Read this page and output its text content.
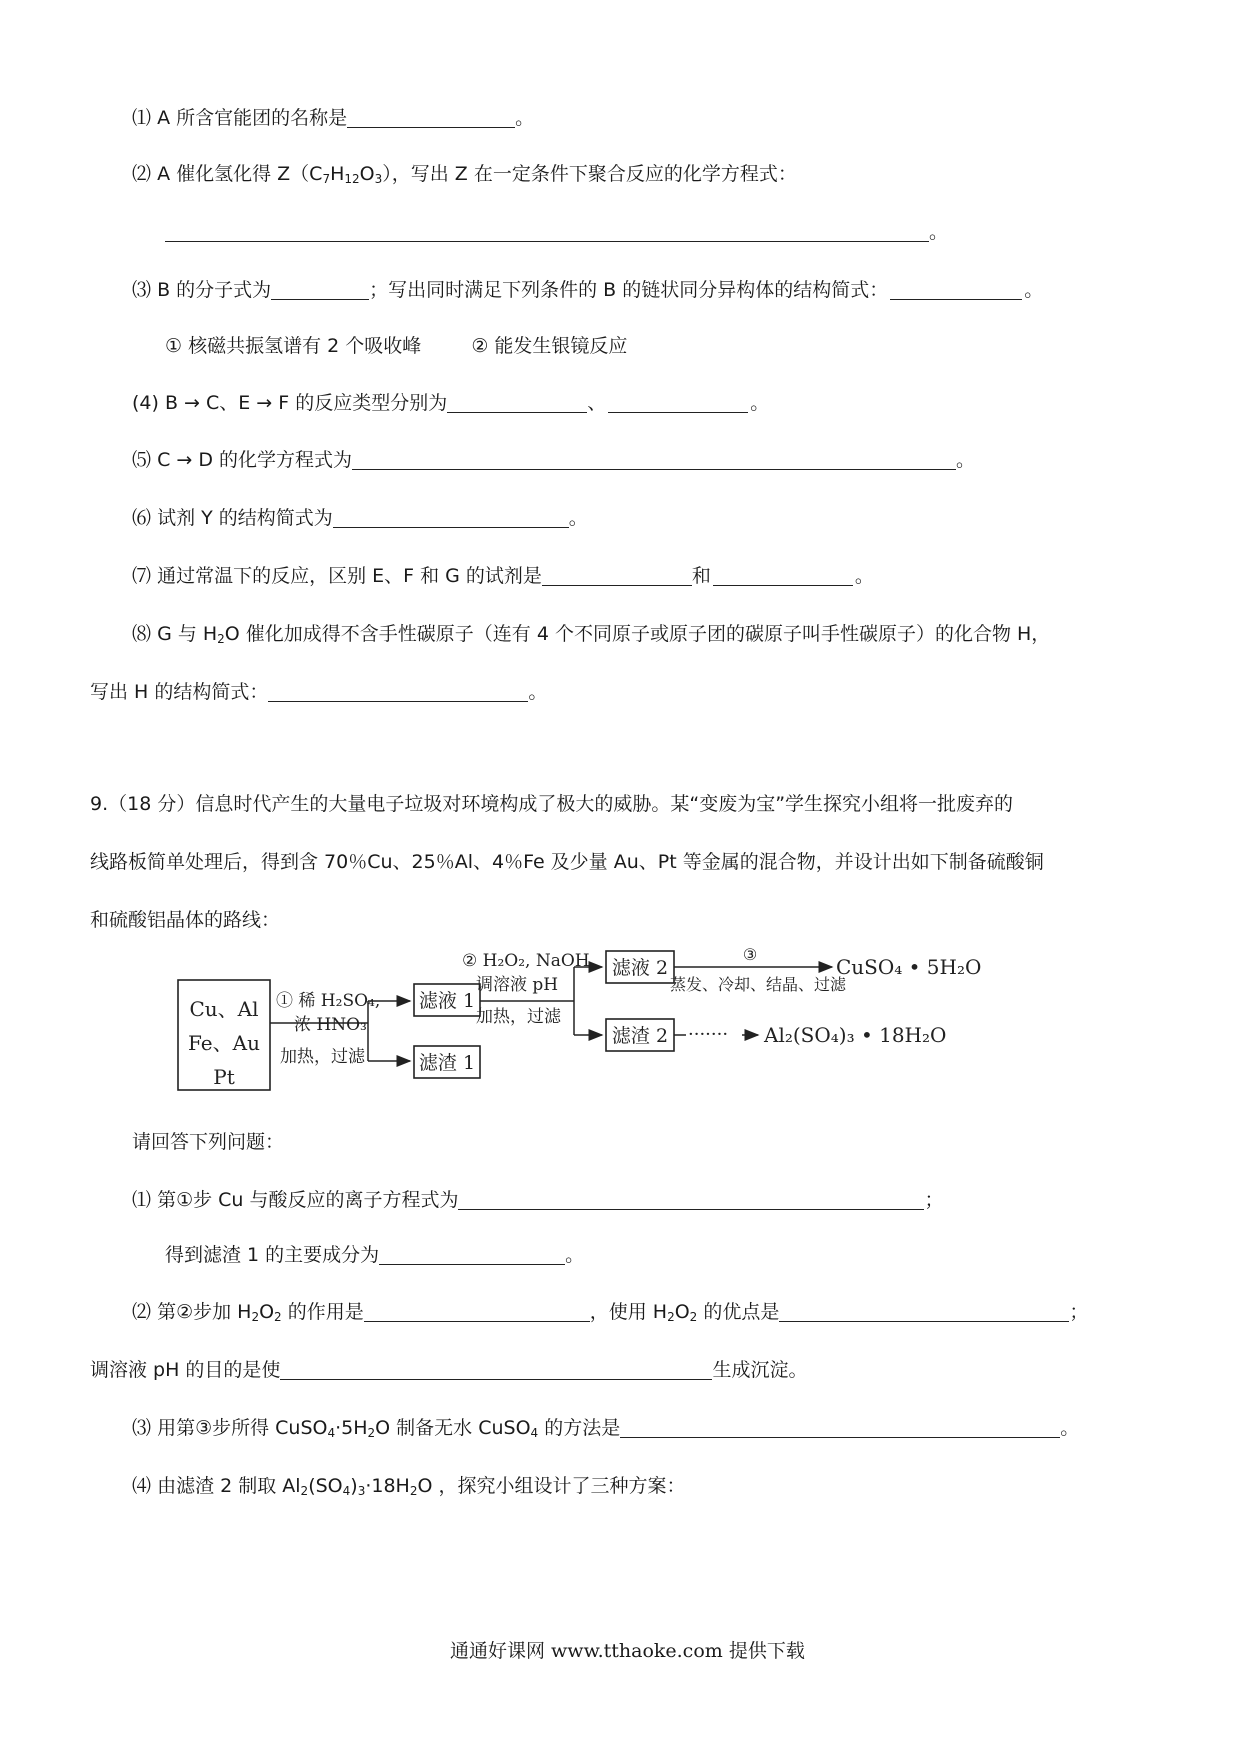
⑴ A 所含官能团的名称是	。
⑵ A 催化氢化得 $Z(C_7H_{12}O_3)$，写出 Z 在一定条件下聚合反应的化学方程式：
。
⑶ B 的分子式为	；写出同时满足下列条件的 B 的链状同分异构体的结构简式：	。
① 核磁共振氢谱有 2 个吸收峰	② 能发生银镜反应
(4) B → C、E → F 的反应类型分别为	、	。
⑸ C → D 的化学方程式为	。
⑹ 试剂 Y 的结构简式为	。
⑺ 通过常温下的反应，区别 E、F 和 G 的试剂是	和	。
⑻ G 与 $H_2O$ 催化加成得不含手性碳原子（连有 4 个不同原子或原子团的碳原子叫手性碳原子）的化合物 H，
写出 H 的结构简式：	。
9.（18 分）信息时代产生的大量电子垃圾对环境构成了极大的威胁。某“变废为宝”学生探究小组将一批废弃的
线路板简单处理后，得到含 70％Cu、25％Al、4％Fe 及少量 Au、Pt 等金属的混合物，并设计出如下制备硫酸铜
和硫酸铝晶体的路线：
Cu、Al
Fe、Au
Pt
① 稀 H₂SO₄,
浓 HNO₃
加热，过滤
滤液 1
滤渣 1
② H₂O₂, NaOH
调溶液 pH
加热，过滤
滤液 2
滤渣 2
③
蒸发、冷却、结晶、过滤
CuSO₄ • 5H₂O
······· Al₂(SO₄)₃ • 18H₂O
请回答下列问题：
⑴ 第①步 Cu 与酸反应的离子方程式为	；
得到滤渣 1 的主要成分为	。
⑵ 第②步加 $H_2O_2$ 的作用是	，使用 $H_2O_2$ 的优点是	；
调溶液 pH 的目的是使	生成沉淀。
⑶ 用第③步所得 $CuSO_4\cdot 5H_2O$ 制备无水 CuSO$_4$ 的方法是	。
⑷ 由滤渣 2 制取 $Al_2(SO_4)_3\cdot 18H_2O$ ，探究小组设计了三种方案：
通通好课网 www.tthaoke.com 提供下载
